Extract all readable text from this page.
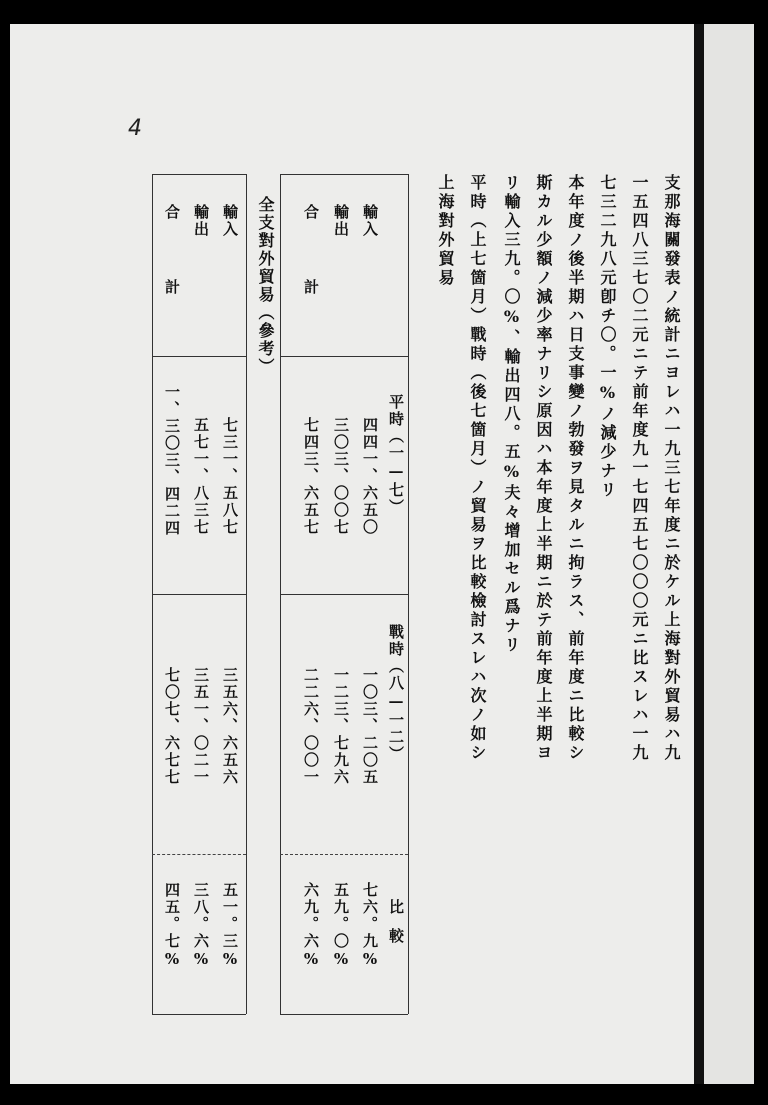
4
支那海關發表ノ統計ニヨレハ一九三七年度ニ於ケル上海對外貿易ハ九
一五四八三七〇二元ニテ前年度九一七四五七〇〇〇元ニ比スレハ一九
七三二九八元卽チ〇。一%ノ減少ナリ
本年度ノ後半期ハ日支事變ノ勃發ヲ見タルニ拘ラス、前年度ニ比較シ
斯カル少額ノ減少率ナリシ原因ハ本年度上半期ニ於テ前年度上半期ヨ
リ輸入三九。〇%、輸出四八。五%夫々增加セル爲ナリ
平時（上七箇月）戰時（後七箇月）ノ貿易ヲ比較檢討スレハ次ノ如シ
上海對外貿易
平時（一—七）
戰時（八—一二）
比較
輸入
四四一、六五〇
一〇三、二〇五
七六。九%
輸出
三〇三、〇〇七
一二三、七九六
五九。〇%
合計
七四三、六五七
二二六、〇〇一
六九。六%
全支對外貿易（參考）
輸入
七三一、五八七
三五六、六五六
五一。三%
輸出
五七一、八三七
三五一、〇二一
三八。六%
合計
一、三〇三、四二四
七〇七、六七七
四五。七%
